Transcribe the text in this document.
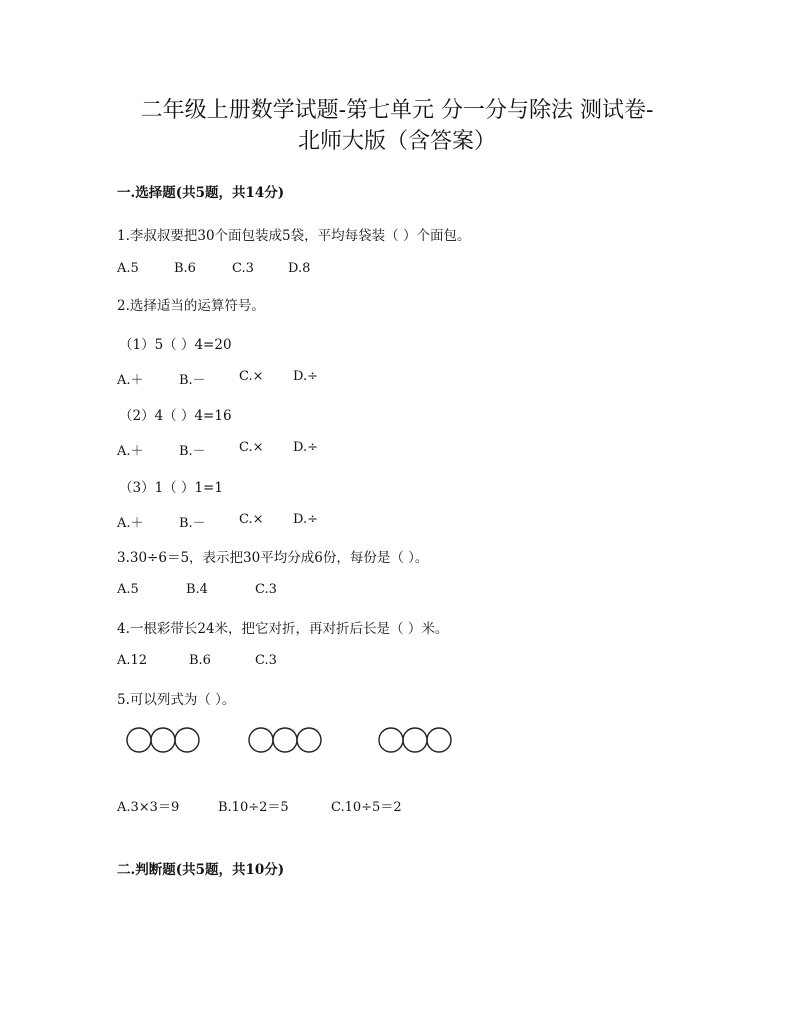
二年级上册数学试题-第七单元 分一分与除法 测试卷-
北师大版（含答案）

一.选择题(共5题，共14分)

1.李叔叔要把30个面包装成5袋，平均每袋装（ ）个面包。

A.5	B.6	C.3	D.8

2.选择适当的运算符号。

（1）5（ ）4=20

A.＋	B.－	C.× D.÷

（2）4（ ）4=16

A.＋	B.－	C.× D.÷

（3）1（ ）1=1

A.＋	B.－	C.× D.÷

3.30÷6＝5，表示把30平均分成6份，每份是（ ）。

A.5	B.4	C.3

4.一根彩带长24米，把它对折，再对折后长是（ ）米。

A.12	B.6	C.3

5.可以列式为（ ）。

A.3×3＝9	B.10÷2＝5	C.10÷5＝2

二.判断题(共5题，共10分)
